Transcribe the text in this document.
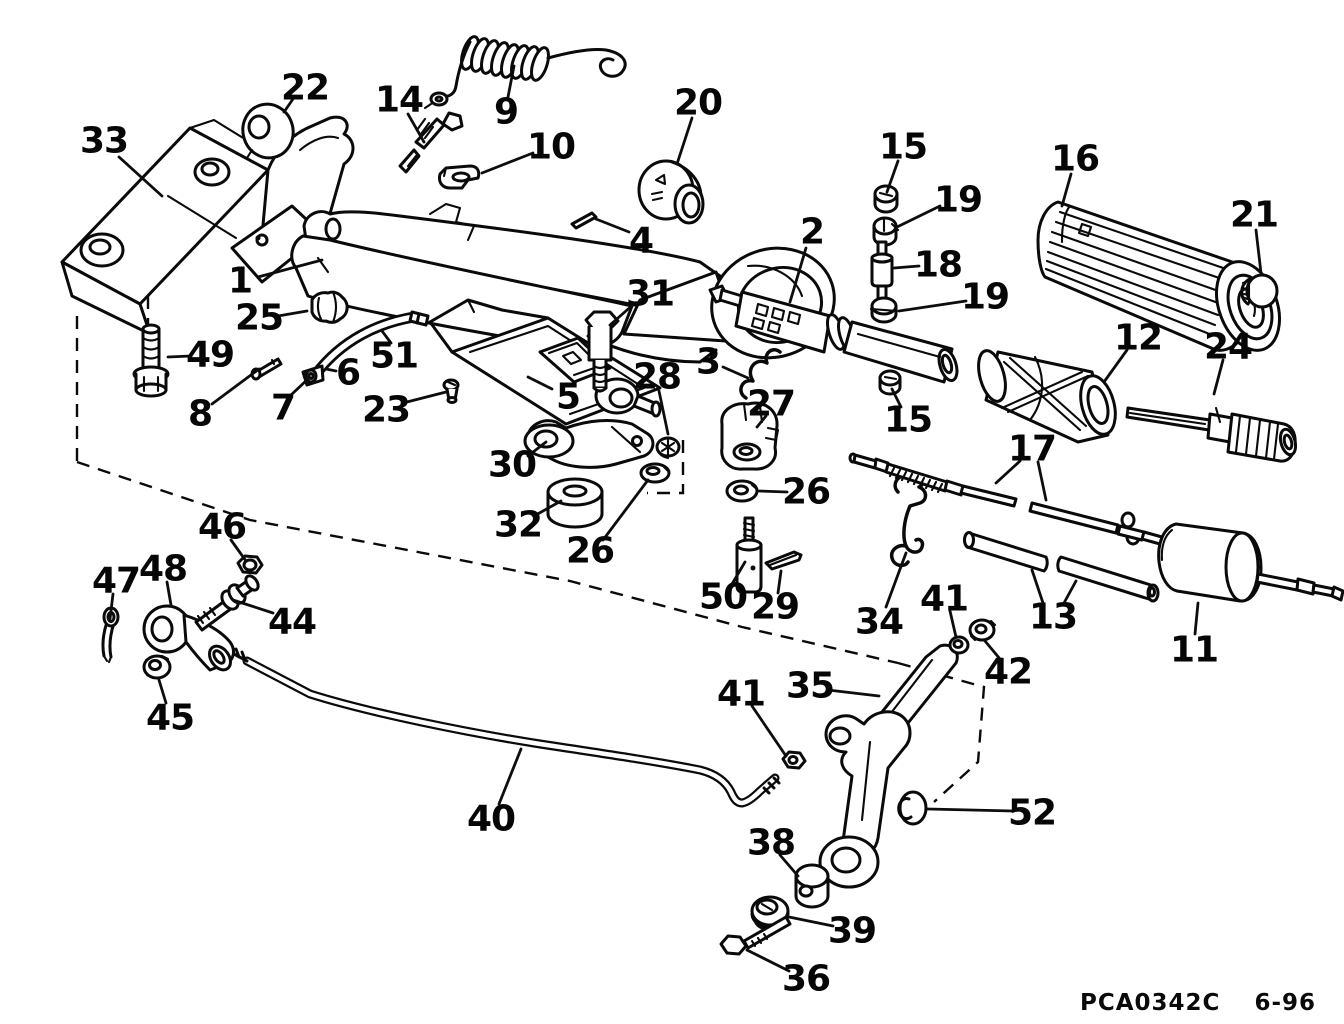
1
2
3
4
5
6
7
8
9
10
11
12
13
14
15
15
16
17
18
19
19
20
21
22
23
24
25
26
26
27
28
29
30
31
32
33
34
35
36
38
39
40
41
41
42
44
45
46
47
48
49
50
51
52
PCA0342C 6-96
